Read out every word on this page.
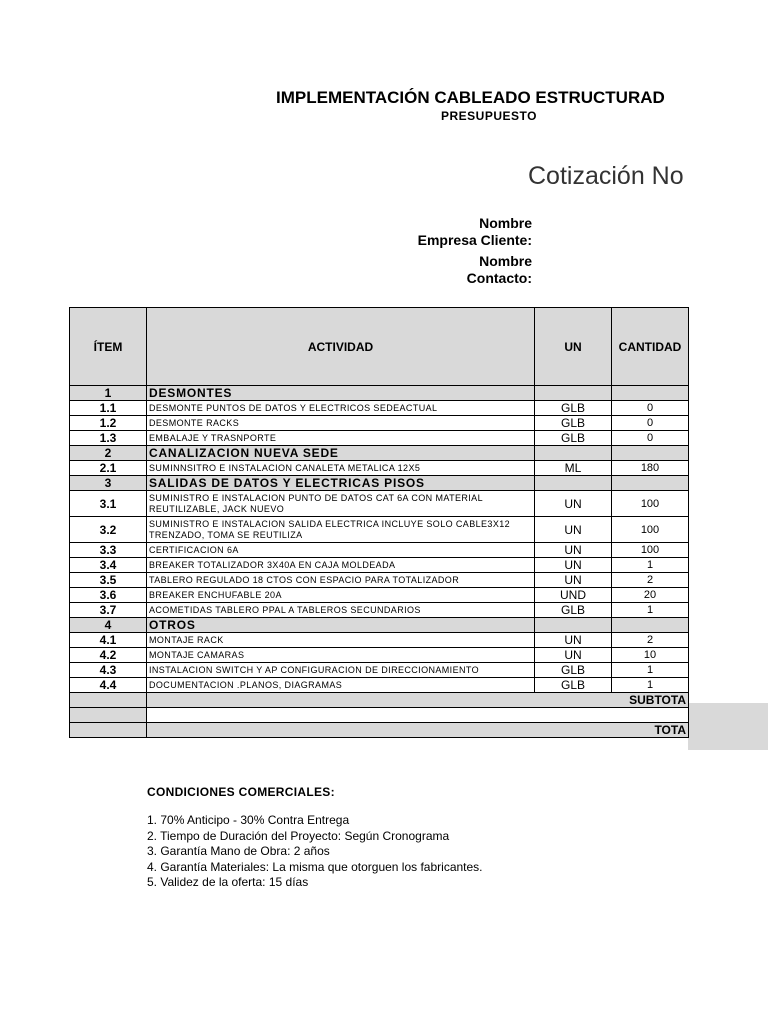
IMPLEMENTACIÓN CABLEADO ESTRUCTURAD
PRESUPUESTO
Cotización No
Nombre
Empresa Cliente:
Nombre
Contacto:
ÍTEM	ACTIVIDAD	UN	CANTIDAD
1	DESMONTES		
1.1	DESMONTE PUNTOS DE DATOS Y ELECTRICOS SEDEACTUAL	GLB	0
1.2	DESMONTE RACKS	GLB	0
1.3	EMBALAJE Y TRASNPORTE	GLB	0
2	CANALIZACION NUEVA SEDE		
2.1	SUMINNSITRO E INSTALACION CANALETA METALICA 12X5	ML	180
3	SALIDAS DE DATOS Y ELECTRICAS PISOS		
3.1	SUMINISTRO E INSTALACION PUNTO DE DATOS CAT 6A CON MATERIAL REUTILIZABLE, JACK NUEVO	UN	100
3.2	SUMINISTRO E INSTALACION SALIDA ELECTRICA INCLUYE SOLO CABLE3X12 TRENZADO, TOMA SE REUTILIZA	UN	100
3.3	CERTIFICACION 6A	UN	100
3.4	BREAKER TOTALIZADOR 3X40A EN CAJA MOLDEADA	UN	1
3.5	TABLERO REGULADO 18 CTOS CON ESPACIO PARA TOTALIZADOR	UN	2
3.6	BREAKER ENCHUFABLE 20A	UND	20
3.7	ACOMETIDAS TABLERO PPAL A TABLEROS SECUNDARIOS	GLB	1
4	OTROS		
4.1	MONTAJE RACK	UN	2
4.2	MONTAJE CAMARAS	UN	10
4.3	INSTALACION SWITCH Y AP CONFIGURACION DE DIRECCIONAMIENTO	GLB	1
4.4	DOCUMENTACION .PLANOS, DIAGRAMAS	GLB	1
	SUBTOTA		

	TOTA		
CONDICIONES COMERCIALES:
1. 70% Anticipo - 30% Contra Entrega
2. Tiempo de Duración del Proyecto: Según Cronograma
3. Garantía Mano de Obra: 2 años
4. Garantía Materiales: La misma que otorguen los fabricantes.
5. Validez de la oferta: 15 días
